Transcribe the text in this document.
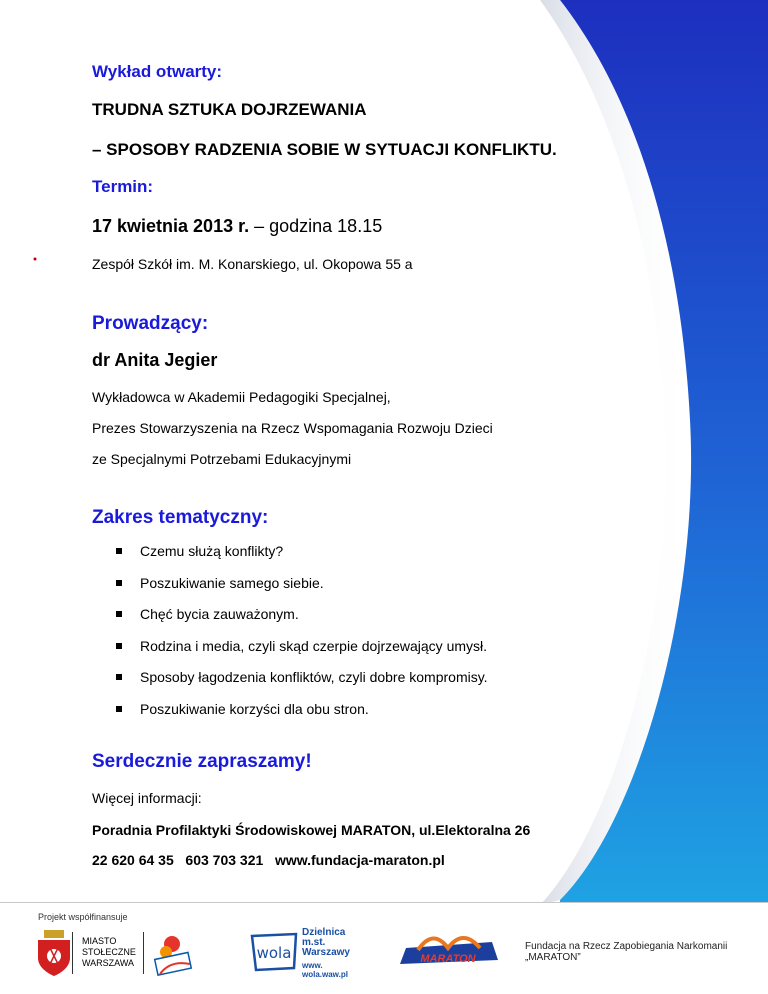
Wykład otwarty:
TRUDNA SZTUKA DOJRZEWANIA
– SPOSOBY RADZENIA SOBIE W SYTUACJI KONFLIKTU.
Termin:
17 kwietnia 2013 r. – godzina 18.15
Zespół Szkół im. M. Konarskiego, ul. Okopowa 55 a
Prowadzący:
dr Anita Jegier
Wykładowca w Akademii Pedagogiki Specjalnej,
Prezes Stowarzyszenia na Rzecz Wspomagania Rozwoju Dzieci
ze Specjalnymi Potrzebami Edukacyjnymi
Zakres tematyczny:
Czemu służą konflikty?
Poszukiwanie samego siebie.
Chęć bycia zauważonym.
Rodzina i media, czyli skąd czerpie dojrzewający umysł.
Sposoby łagodzenia konfliktów, czyli dobre kompromisy.
Poszukiwanie korzyści dla obu stron.
Serdecznie zapraszamy!
Więcej informacji:
Poradnia Profilaktyki Środowiskowej MARATON, ul.Elektoralna 26
22 620 64 35 603 703 321 www.fundacja-maraton.pl
Projekt współfinansuje
MIASTO
STOŁECZNE
WARSZAWA
wola
Dzielnica
m.st.
Warszawy
www.
wola.waw.pl
MARATON
Fundacja na Rzecz Zapobiegania Narkomanii „MARATON”
